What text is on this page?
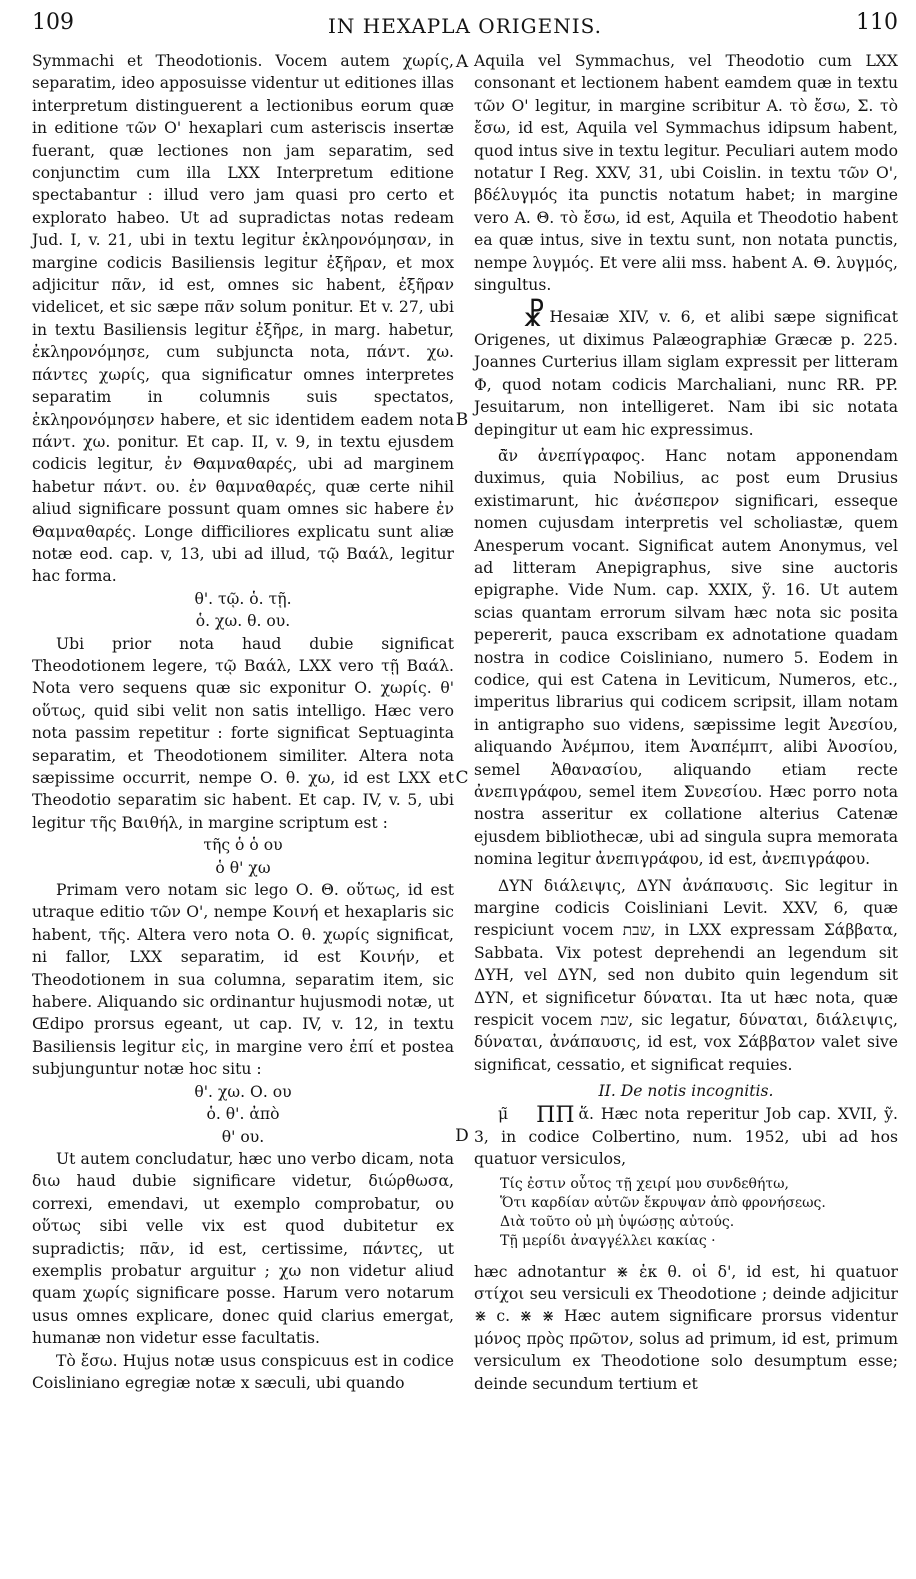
109	IN HEXAPLA ORIGENIS.	110
A
B
C
D

Symmachi et Theodotionis. Vocem autem χωρίς, separatim, ideo apposuisse videntur ut editiones illas interpretum distinguerent a lectionibus eorum quæ in editione τῶν Ο' hexaplari cum asteriscis insertæ fuerant, quæ lectiones non jam separatim, sed conjunctim cum illa LXX Interpretum editione spectabantur : illud vero jam quasi pro certo et explorato habeo. Ut ad supradictas notas redeam Jud. I, v. 21, ubi in textu legitur ἐκληρονόμησαν, in margine codicis Basiliensis legitur ἐξῆραν, et mox adjicitur πᾶν, id est, omnes sic habent, ἐξῆραν videlicet, et sic sæpe πᾶν solum ponitur. Et v. 27, ubi in textu Basiliensis legitur ἐξῆρε, in marg. habetur, ἐκληρονόμησε, cum subjuncta nota, πάντ. χω. πάντες χωρίς, qua significatur omnes interpretes separatim in columnis suis spectatos, ἐκληρονόμησεν habere, et sic identidem eadem nota πάντ. χω. ponitur. Et cap. II, v. 9, in textu ejusdem codicis legitur, ἐν Θαμναθαρές, ubi ad marginem habetur πάντ. ου. ἐν θαμναθαρές, quæ certe nihil aliud significare possunt quam omnes sic habere ἐν Θαμναθαρές. Longe difficiliores explicatu sunt aliæ notæ eod. cap. v, 13, ubi ad illud, τῷ Βαάλ, legitur hac forma.

θ'. τῷ. ὁ. τῇ.

ὁ. χω. θ. ου.

Ubi prior nota haud dubie significat Theodotionem legere, τῷ Βαάλ, LXX vero τῇ Βαάλ. Nota vero sequens quæ sic exponitur Ο. χωρίς. θ' οὕτως, quid sibi velit non satis intelligo. Hæc vero nota passim repetitur : forte significat Septuaginta separatim, et Theodotionem similiter. Altera nota sæpissime occurrit, nempe Ο. θ. χω, id est LXX et Theodotio separatim sic habent. Et cap. IV, v. 5, ubi legitur τῆς Βαιθήλ, in margine scriptum est :

τῆς ὁ ὁ ου

ὁ θ' χω

Primam vero notam sic lego Ο. Θ. οὕτως, id est utraque editio τῶν Ο', nempe Κοινή et hexaplaris sic habent, τῆς. Altera vero nota Ο. θ. χωρίς significat, ni fallor, LXX separatim, id est Κοινήν, et Theodotionem in sua columna, separatim item, sic habere. Aliquando sic ordinantur hujusmodi notæ, ut Œdipo prorsus egeant, ut cap. IV, v. 12, in textu Basiliensis legitur εἰς, in margine vero ἐπί et postea subjunguntur notæ hoc situ :

θ'. χω. Ο. ου

ὁ. θ'. ἀπὸ

θ' ου.

Ut autem concludatur, hæc uno verbo dicam, nota διω haud dubie significare videtur, διώρθωσα, correxi, emendavi, ut exemplo comprobatur, ου οὕτως sibi velle vix est quod dubitetur ex supradictis; πᾶν, id est, certissime, πάντες, ut exemplis probatur arguitur ; χω non videtur aliud quam χωρίς significare posse. Harum vero notarum usus omnes explicare, donec quid clarius emergat, humanæ non videtur esse facultatis.

Τὸ ἔσω. Hujus notæ usus conspicuus est in codice Coisliniano egregiæ notæ x sæculi, ubi quando

Aquila vel Symmachus, vel Theodotio cum LXX consonant et lectionem habent eamdem quæ in textu τῶν Ο' legitur, in margine scribitur Α. τὸ ἔσω, Σ. τὸ ἔσω, id est, Aquila vel Symmachus idipsum habent, quod intus sive in textu legitur. Peculiari autem modo notatur I Reg. XXV, 31, ubi Coislin. in textu τῶν Ο', βδέλυγμός ita punctis notatum habet; in margine vero Α. Θ. τὸ ἔσω, id est, Aquila et Theodotio habent ea quæ intus, sive in textu sunt, non notata punctis, nempe λυγμός. Et vere alii mss. habent Α. Θ. λυγμός, singultus.

☧ Hesaiæ XIV, v. 6, et alibi sæpe significat Origenes, ut diximus Palæographiæ Græcæ p. 225. Joannes Curterius illam siglam expressit per litteram Φ, quod notam codicis Marchaliani, nunc RR. PP. Jesuitarum, non intelligeret. Nam ibi sic notata depingitur ut eam hic expressimus.

ᾱ̃ν ἀνεπίγραφος. Hanc notam apponendam duximus, quia Nobilius, ac post eum Drusius existimarunt, hic ἀνέσπερον significari, esseque nomen cujusdam interpretis vel scholiastæ, quem Anesperum vocant. Significat autem Anonymus, vel ad litteram Anepigraphus, sive sine auctoris epigraphe. Vide Num. cap. XXIX, ỹ. 16. Ut autem scias quantam errorum silvam hæc nota sic posita pepererit, pauca exscribam ex adnotatione quadam nostra in codice Coisliniano, numero 5. Eodem in codice, qui est Catena in Leviticum, Numeros, etc., imperitus librarius qui codicem scripsit, illam notam in antigrapho suo videns, sæpissime legit Ἀνεσίου, aliquando Ἀνέμπου, item Ἀναπέμπτ, alibi Ἀνοσίου, semel Ἀθανασίου, aliquando etiam recte ἀνεπιγράφου, semel item Συνεσίου. Hæc porro nota nostra asseritur ex collatione alterius Catenæ ejusdem bibliothecæ, ubi ad singula supra memorata nomina legitur ἀνεπιγράφου, id est, ἀνεπιγράφου.

ΔΥΝ διάλειψις, ΔΥΝ ἀνάπαυσις. Sic legitur in margine codicis Coisliniani Levit. XXV, 6, quæ respiciunt vocem שבת, in LXX expressam Σάββατα, Sabbata. Vix potest deprehendi an legendum sit ΔΥΗ, vel ΔΥΝ, sed non dubito quin legendum sit ΔΥΝ, et significetur δύναται. Ita ut hæc nota, quæ respicit vocem שבת, sic legatur, δύναται, διάλειψις, δύναται, ἀνάπαυσις, id est, vox Σάββατον valet sive significat, cessatio, et significat requies.

II. De notis incognitis.

μ̃ ΠΠ ἅ. Hæc nota reperitur Job cap. XVII, ỹ. 3, in codice Colbertino, num. 1952, ubi ad hos quatuor versiculos,

Τίς ἐστιν οὗτος τῇ χειρί μου συνδεθήτω,

Ὅτι καρδίαν αὐτῶν ἔκρυψαν ἀπὸ φρονήσεως.

Διὰ τοῦτο οὐ μὴ ὑψώσῃς αὐτούς.

Τῇ μερίδι ἀναγγέλλει κακίας ·

hæc adnotantur ⋇ ἐκ θ. οἱ δ', id est, hi quatuor στίχοι seu versiculi ex Theodotione ; deinde adjicitur ⋇ c. ⋇ ⋇ Hæc autem significare prorsus videntur μόνος πρὸς πρῶτον, solus ad primum, id est, primum versiculum ex Theodotione solo desumptum esse; deinde secundum tertium et
